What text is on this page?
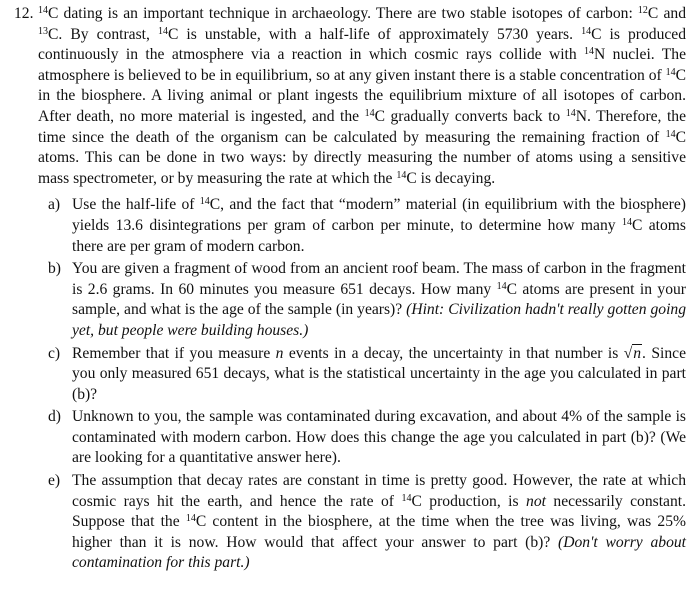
12. $^{14}$C dating is an important technique in archaeology. There are two stable isotopes of carbon: $^{12}$C and $^{13}$C. By contrast, $^{14}$C is unstable, with a half-life of approximately 5730 years. $^{14}$C is produced continuously in the atmosphere via a reaction in which cosmic rays collide with $^{14}$N nuclei. The atmosphere is believed to be in equilibrium, so at any given instant there is a stable concentration of $^{14}$C in the biosphere. A living animal or plant ingests the equilibrium mixture of all isotopes of carbon. After death, no more material is ingested, and the $^{14}$C gradually converts back to $^{14}$N. Therefore, the time since the death of the organism can be calculated by measuring the remaining fraction of $^{14}$C atoms. This can be done in two ways: by directly measuring the number of atoms using a sensitive mass spectrometer, or by measuring the rate at which the $^{14}$C is decaying.
a) Use the half-life of $^{14}$C, and the fact that “modern” material (in equilibrium with the biosphere) yields 13.6 disintegrations per gram of carbon per minute, to determine how many $^{14}$C atoms there are per gram of modern carbon.
b) You are given a fragment of wood from an ancient roof beam. The mass of carbon in the fragment is 2.6 grams. In 60 minutes you measure 651 decays. How many $^{14}$C atoms are present in your sample, and what is the age of the sample (in years)? (Hint: Civilization hadn't really gotten going yet, but people were building houses.)
c) Remember that if you measure n events in a decay, the uncertainty in that number is √n. Since you only measured 651 decays, what is the statistical uncertainty in the age you calculated in part (b)?
d) Unknown to you, the sample was contaminated during excavation, and about 4% of the sample is contaminated with modern carbon. How does this change the age you calculated in part (b)? (We are looking for a quantitative answer here).
e) The assumption that decay rates are constant in time is pretty good. However, the rate at which cosmic rays hit the earth, and hence the rate of $^{14}$C production, is not necessarily constant. Suppose that the $^{14}$C content in the biosphere, at the time when the tree was living, was 25% higher than it is now. How would that affect your answer to part (b)? (Don't worry about contamination for this part.)
